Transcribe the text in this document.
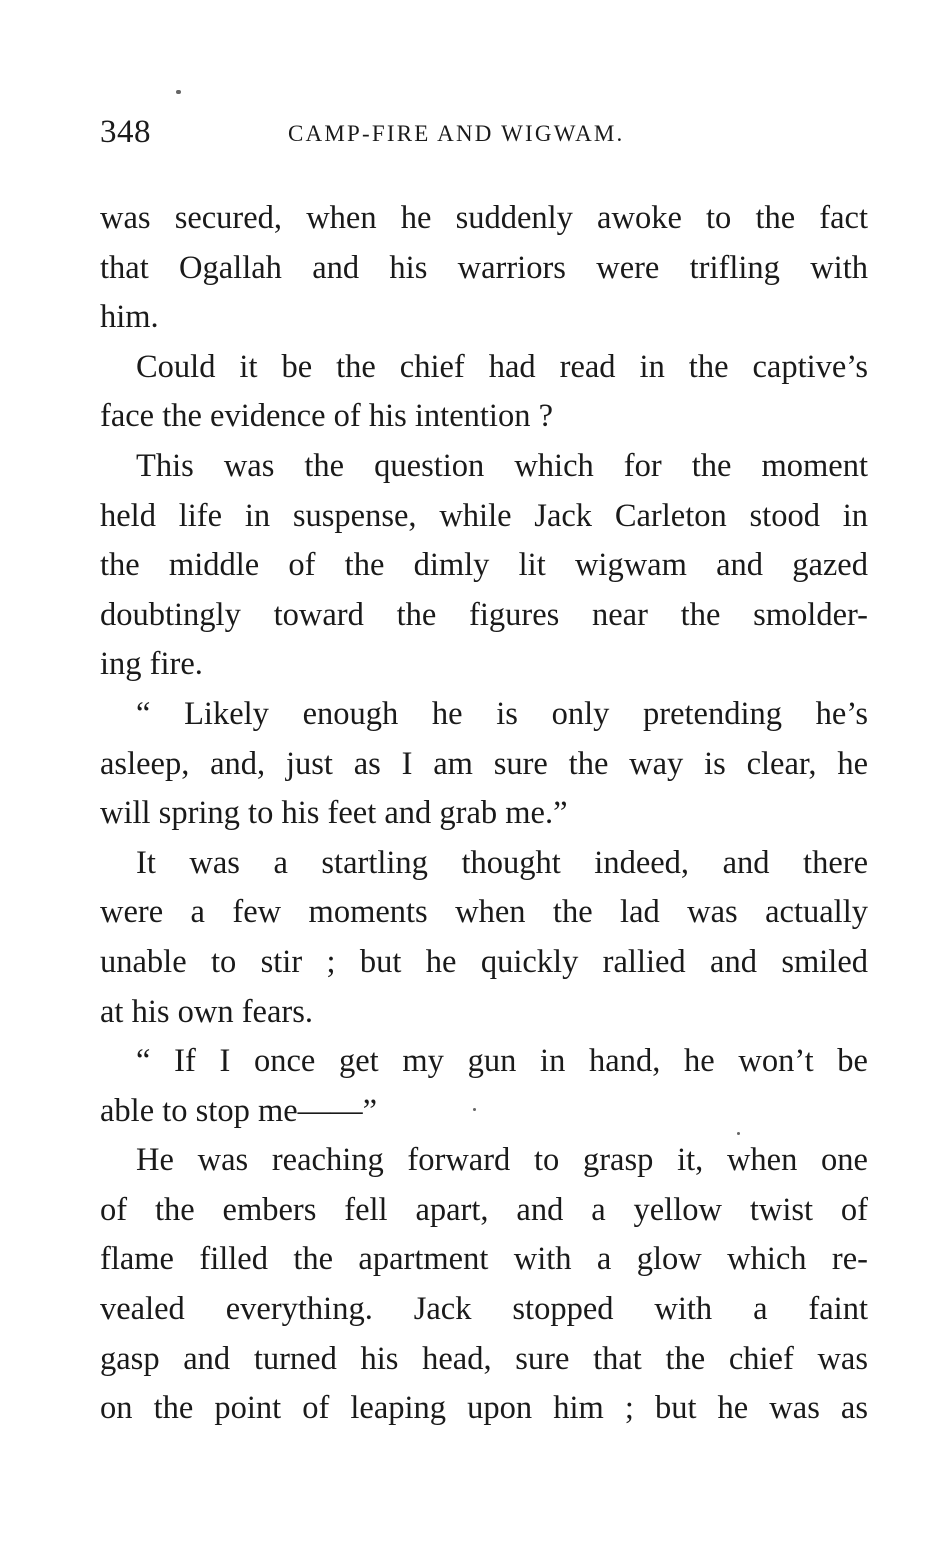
348	CAMP-FIRE AND WIGWAM.
was secured, when he suddenly awoke to the fact
that Ogallah and his warriors were trifling with
him.
Could it be the chief had read in the captive’s
face the evidence of his intention ?
This was the question which for the moment
held life in suspense, while Jack Carleton stood in
the middle of the dimly lit wigwam and gazed
doubtingly toward the figures near the smolder-
ing fire.
“ Likely enough he is only pretending he’s
asleep, and, just as I am sure the way is clear, he
will spring to his feet and grab me.”
It was a startling thought indeed, and there
were a few moments when the lad was actually
unable to stir ; but he quickly rallied and smiled
at his own fears.
“ If I once get my gun in hand, he won’t be
able to stop me——”
He was reaching forward to grasp it, when one
of the embers fell apart, and a yellow twist of
flame filled the apartment with a glow which re-
vealed everything. Jack stopped with a faint
gasp and turned his head, sure that the chief was
on the point of leaping upon him ; but he was as
